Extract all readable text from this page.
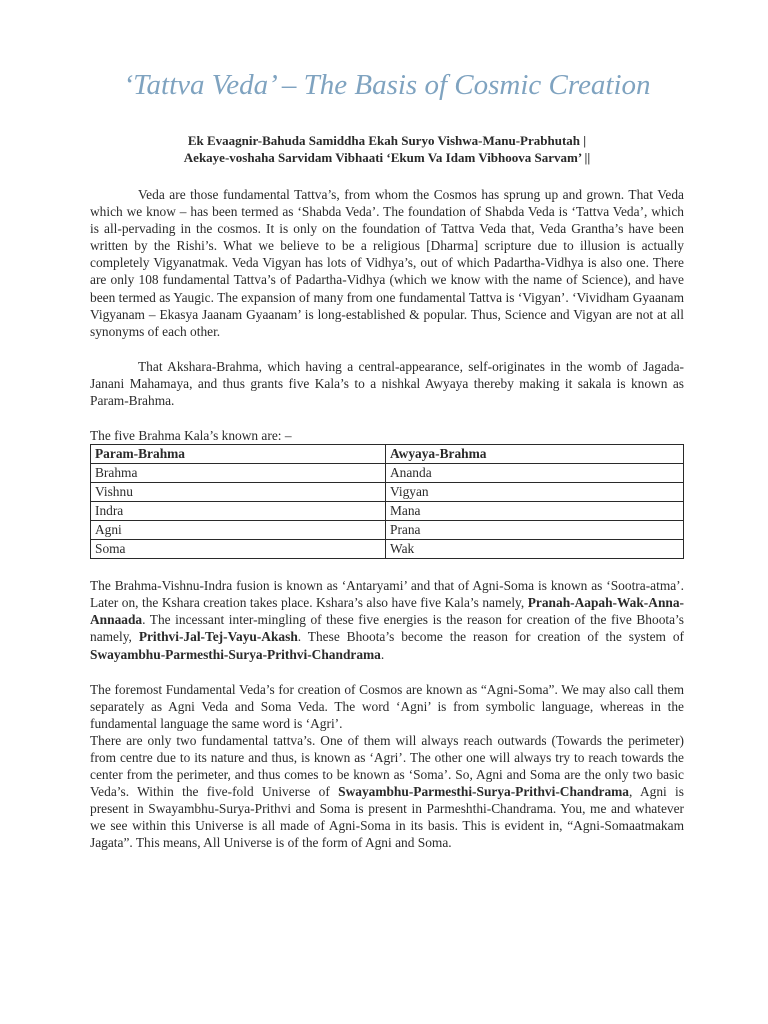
‘Tattva Veda’ – The Basis of Cosmic Creation
Ek Evaagnir-Bahuda Samiddha Ekah Suryo Vishwa-Manu-Prabhutah |
Aekaye-voshaha Sarvidam Vibhaati ‘Ekum Va Idam Vibhoova Sarvam’ ||

Veda are those fundamental Tattva’s, from whom the Cosmos has sprung up and grown. That Veda which we know – has been termed as ‘Shabda Veda’. The foundation of Shabda Veda is ‘Tattva Veda’, which is all-pervading in the cosmos. It is only on the foundation of Tattva Veda that, Veda Grantha’s have been written by the Rishi’s. What we believe to be a religious [Dharma] scripture due to illusion is actually completely Vigyanatmak. Veda Vigyan has lots of Vidhya’s, out of which Padartha-Vidhya is also one. There are only 108 fundamental Tattva’s of Padartha-Vidhya (which we know with the name of Science), and have been termed as Yaugic. The expansion of many from one fundamental Tattva is ‘Vigyan’. ‘Vividham Gyaanam Vigyanam – Ekasya Jaanam Gyaanam’ is long-established & popular. Thus, Science and Vigyan are not at all synonyms of each other.

That Akshara-Brahma, which having a central-appearance, self-originates in the womb of Jagada-Janani Mahamaya, and thus grants five Kala’s to a nishkal Awyaya thereby making it sakala is known as Param-Brahma.

The five Brahma Kala’s known are: –
Param-Brahma	Awyaya-Brahma
Brahma	Ananda
Vishnu	Vigyan
Indra	Mana
Agni	Prana
Soma	Wak

The Brahma-Vishnu-Indra fusion is known as ‘Antaryami’ and that of Agni-Soma is known as ‘Sootra-atma’. Later on, the Kshara creation takes place. Kshara’s also have five Kala’s namely, Pranah-Aapah-Wak-Anna-Annaada. The incessant inter-mingling of these five energies is the reason for creation of the five Bhoota’s namely, Prithvi-Jal-Tej-Vayu-Akash. These Bhoota’s become the reason for creation of the system of Swayambhu-Parmesthi-Surya-Prithvi-Chandrama.

The foremost Fundamental Veda’s for creation of Cosmos are known as “Agni-Soma”. We may also call them separately as Agni Veda and Soma Veda. The word ‘Agni’ is from symbolic language, whereas in the fundamental language the same word is ‘Agri’.

There are only two fundamental tattva’s. One of them will always reach outwards (Towards the perimeter) from centre due to its nature and thus, is known as ‘Agri’. The other one will always try to reach towards the center from the perimeter, and thus comes to be known as ‘Soma’. So, Agni and Soma are the only two basic Veda’s. Within the five-fold Universe of Swayambhu-Parmesthi-Surya-Prithvi-Chandrama, Agni is present in Swayambhu-Surya-Prithvi and Soma is present in Parmeshthi-Chandrama. You, me and whatever we see within this Universe is all made of Agni-Soma in its basis. This is evident in, “Agni-Somaatmakam Jagata”. This means, All Universe is of the form of Agni and Soma.
